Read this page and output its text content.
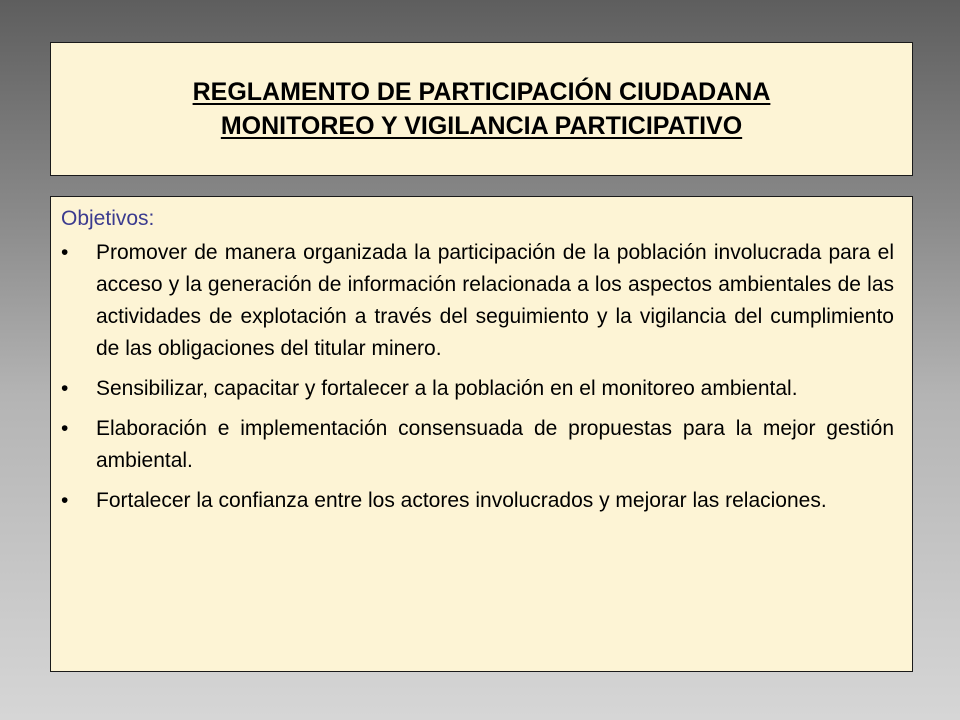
REGLAMENTO DE PARTICIPACIÓN CIUDADANA
MONITOREO Y VIGILANCIA PARTICIPATIVO
Objetivos:
•	Promover de manera organizada la participación de la población involucrada para el acceso y la generación de información relacionada a los aspectos ambientales de las actividades de explotación a través del seguimiento y la vigilancia del cumplimiento de las obligaciones del titular minero.
•	Sensibilizar, capacitar y fortalecer a la población en el monitoreo ambiental.
•	Elaboración e implementación consensuada de propuestas para la mejor gestión ambiental.
•	Fortalecer la confianza entre los actores involucrados y mejorar las relaciones.
